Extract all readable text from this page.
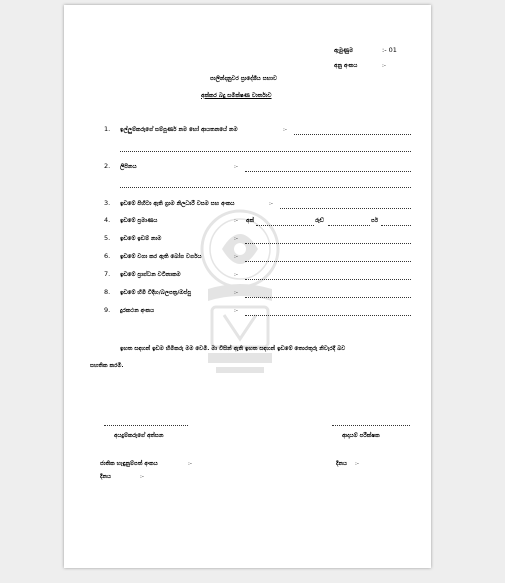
ඇමුණුම	:- 01
අනු අංකය	:-
පාලින්දනුවර ප්‍රාදේශීය සභාව
අක්කර බදු සමීක්ෂණ වාර්තාව
1. ඉල්ලුම්කරුගේ සම්පූර්ණ නම හෝ ආයතනයේ නම	:-
2. ලිපිනය	:-
3. ඉඩමේ පිහිටා ඇති ග්‍රාම නිලධාරී වසම සහ අංකය	:-
4. ඉඩමේ ප්‍රමාණය	:- අක්	රූඩ්	පර්
5. ඉඩමේ ඉඩම් නාම	:-
6. ඉඩමේ වගා කර ඇති බෝග වර්ගය	:-
7. ඉඩමේ ප්‍රාග්ධන වටිනාකම	:-
8. ඉඩමේ හිමි විදිහ/බලපත්‍ර/ඔප්පු	:-
9. දුරකථන අංකය	:-
ඉහත සඳහන් ඉඩම හිමිකරු මම වෙමි. මා විසින් ඇති ඉහත සඳහන් ඉඩමේ තොරතුරු නිවැරදි බව
සහතික කරමි.
අයදුම්කරුගේ අත්සන	ආදායම් පරීක්ෂක
ජාතික හැඳුනුම්පත් අංකය	:-	දිනය :-
දිනය	:-
